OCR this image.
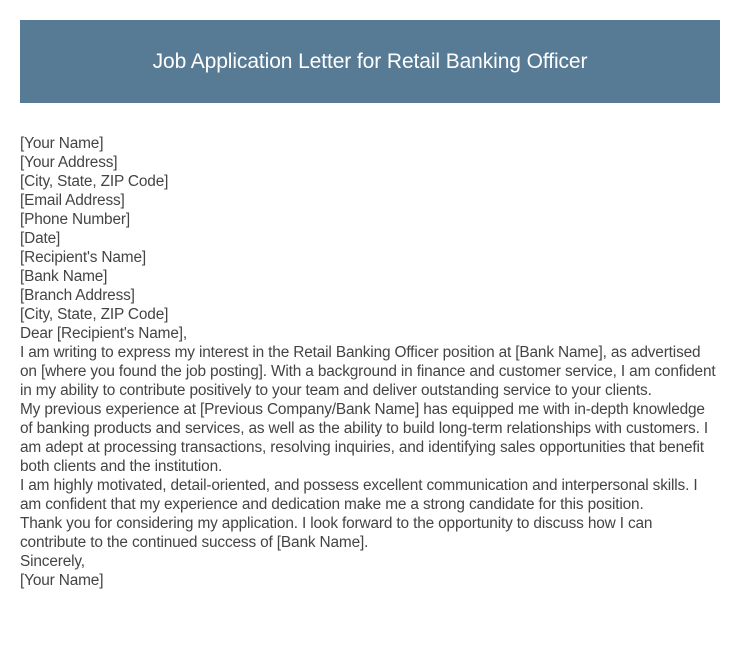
Job Application Letter for Retail Banking Officer
[Your Name]
[Your Address]
[City, State, ZIP Code]
[Email Address]
[Phone Number]
[Date]
[Recipient's Name]
[Bank Name]
[Branch Address]
[City, State, ZIP Code]
Dear [Recipient's Name],
I am writing to express my interest in the Retail Banking Officer position at [Bank Name], as advertised on [where you found the job posting]. With a background in finance and customer service, I am confident in my ability to contribute positively to your team and deliver outstanding service to your clients.
My previous experience at [Previous Company/Bank Name] has equipped me with in-depth knowledge of banking products and services, as well as the ability to build long-term relationships with customers. I am adept at processing transactions, resolving inquiries, and identifying sales opportunities that benefit both clients and the institution.
I am highly motivated, detail-oriented, and possess excellent communication and interpersonal skills. I am confident that my experience and dedication make me a strong candidate for this position.
Thank you for considering my application. I look forward to the opportunity to discuss how I can contribute to the continued success of [Bank Name].
Sincerely,
[Your Name]
